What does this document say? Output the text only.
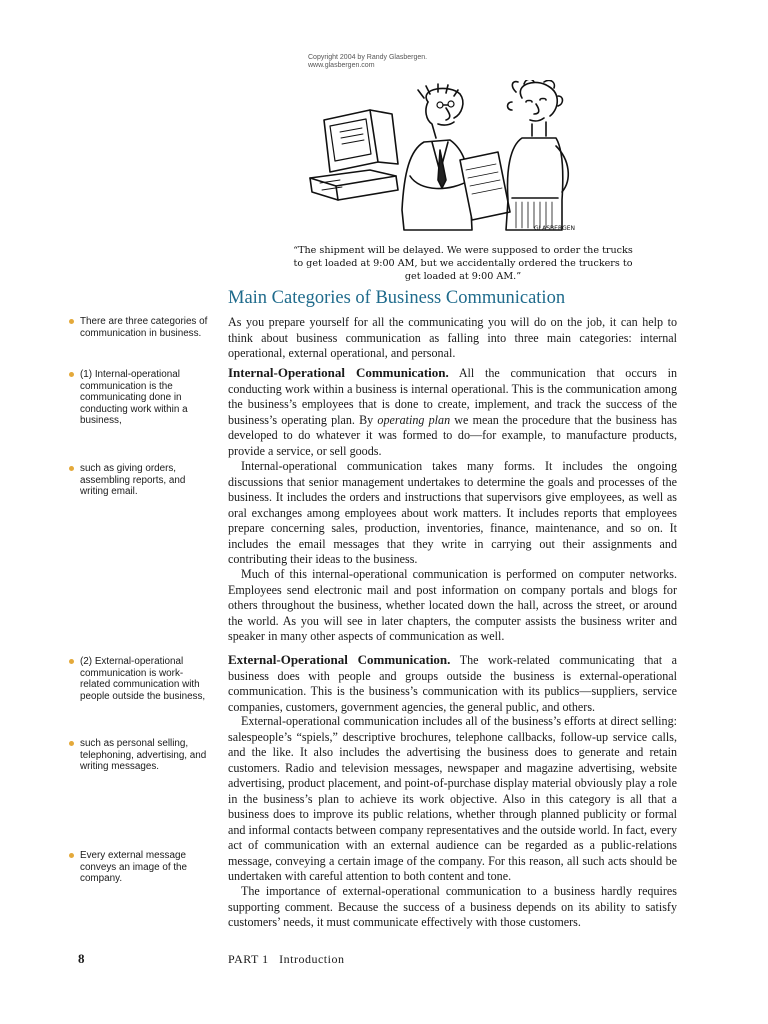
Copyright 2004 by Randy Glasbergen.
www.glasbergen.com
GLASBERGEN
“The shipment will be delayed. We were supposed to order the trucks to get loaded at 9:00 AM, but we accidentally ordered the truckers to get loaded at 9:00 AM.”
Main Categories of Business Communication
There are three categories of communication in business.
(1) Internal-operational communication is the communicating done in conducting work within a business,
such as giving orders, assembling reports, and writing email.
(2) External-operational communication is work-related communication with people outside the business,
such as personal selling, telephoning, advertising, and writing messages.
Every external message conveys an image of the company.
As you prepare yourself for all the communicating you will do on the job, it can help to think about business communication as falling into three main categories: internal operational, external operational, and personal.
Internal-Operational Communication. All the communication that occurs in conducting work within a business is internal operational. This is the communication among the business’s employees that is done to create, implement, and track the success of the business’s operating plan. By operating plan we mean the procedure that the business has developed to do whatever it was formed to do—for example, to manufacture products, provide a service, or sell goods.
Internal-operational communication takes many forms. It includes the ongoing discussions that senior management undertakes to determine the goals and processes of the business. It includes the orders and instructions that supervisors give employees, as well as oral exchanges among employees about work matters. It includes reports that employees prepare concerning sales, production, inventories, finance, maintenance, and so on. It includes the email messages that they write in carrying out their assignments and contributing their ideas to the business.
Much of this internal-operational communication is performed on computer networks. Employees send electronic mail and post information on company portals and blogs for others throughout the business, whether located down the hall, across the street, or around the world. As you will see in later chapters, the computer assists the business writer and speaker in many other aspects of communication as well.
External-Operational Communication. The work-related communicating that a business does with people and groups outside the business is external-operational communication. This is the business’s communication with its publics—suppliers, service companies, customers, government agencies, the general public, and others.
External-operational communication includes all of the business’s efforts at direct selling: salespeople’s “spiels,” descriptive brochures, telephone callbacks, follow-up service calls, and the like. It also includes the advertising the business does to generate and retain customers. Radio and television messages, newspaper and magazine advertising, website advertising, product placement, and point-of-purchase display material obviously play a role in the business’s plan to achieve its work objective. Also in this category is all that a business does to improve its public relations, whether through planned publicity or formal and informal contacts between company representatives and the outside world. In fact, every act of communication with an external audience can be regarded as a public-relations message, conveying a certain image of the company. For this reason, all such acts should be undertaken with careful attention to both content and tone.
The importance of external-operational communication to a business hardly requires supporting comment. Because the success of a business depends on its ability to satisfy customers’ needs, it must communicate effectively with those customers.
8	PART 1   Introduction
